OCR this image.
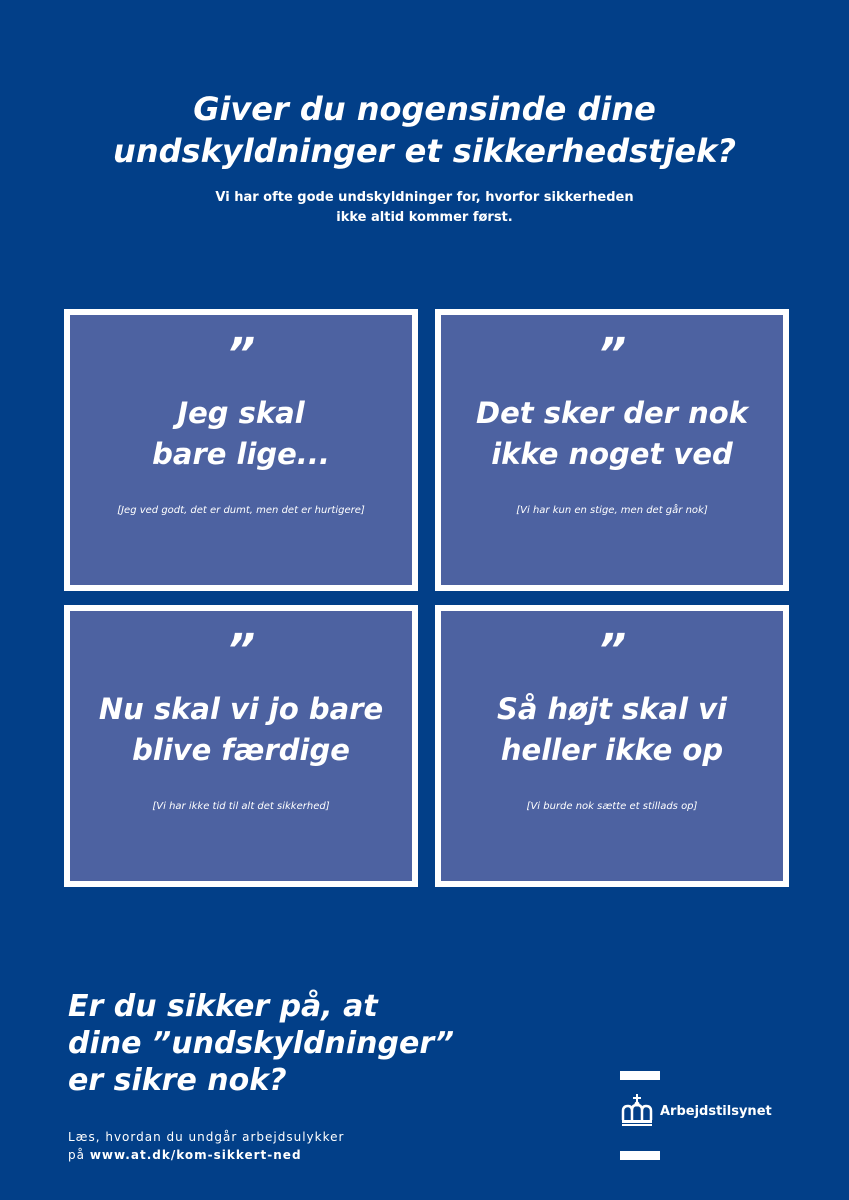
Giver du nogensinde dine
undskyldninger et sikkerhedstjek?
Vi har ofte gode undskyldninger for, hvorfor sikkerheden
ikke altid kommer først.
”
Jeg skal
bare lige...
[Jeg ved godt, det er dumt, men det er hurtigere]
”
Det sker der nok
ikke noget ved
[Vi har kun en stige, men det går nok]
”
Nu skal vi jo bare
blive færdige
[Vi har ikke tid til alt det sikkerhed]
”
Så højt skal vi
heller ikke op
[Vi burde nok sætte et stillads op]
Er du sikker på, at
dine ”undskyldninger”
er sikre nok?
Læs, hvordan du undgår arbejdsulykker
på www.at.dk/kom-sikkert-ned
Arbejdstilsynet
